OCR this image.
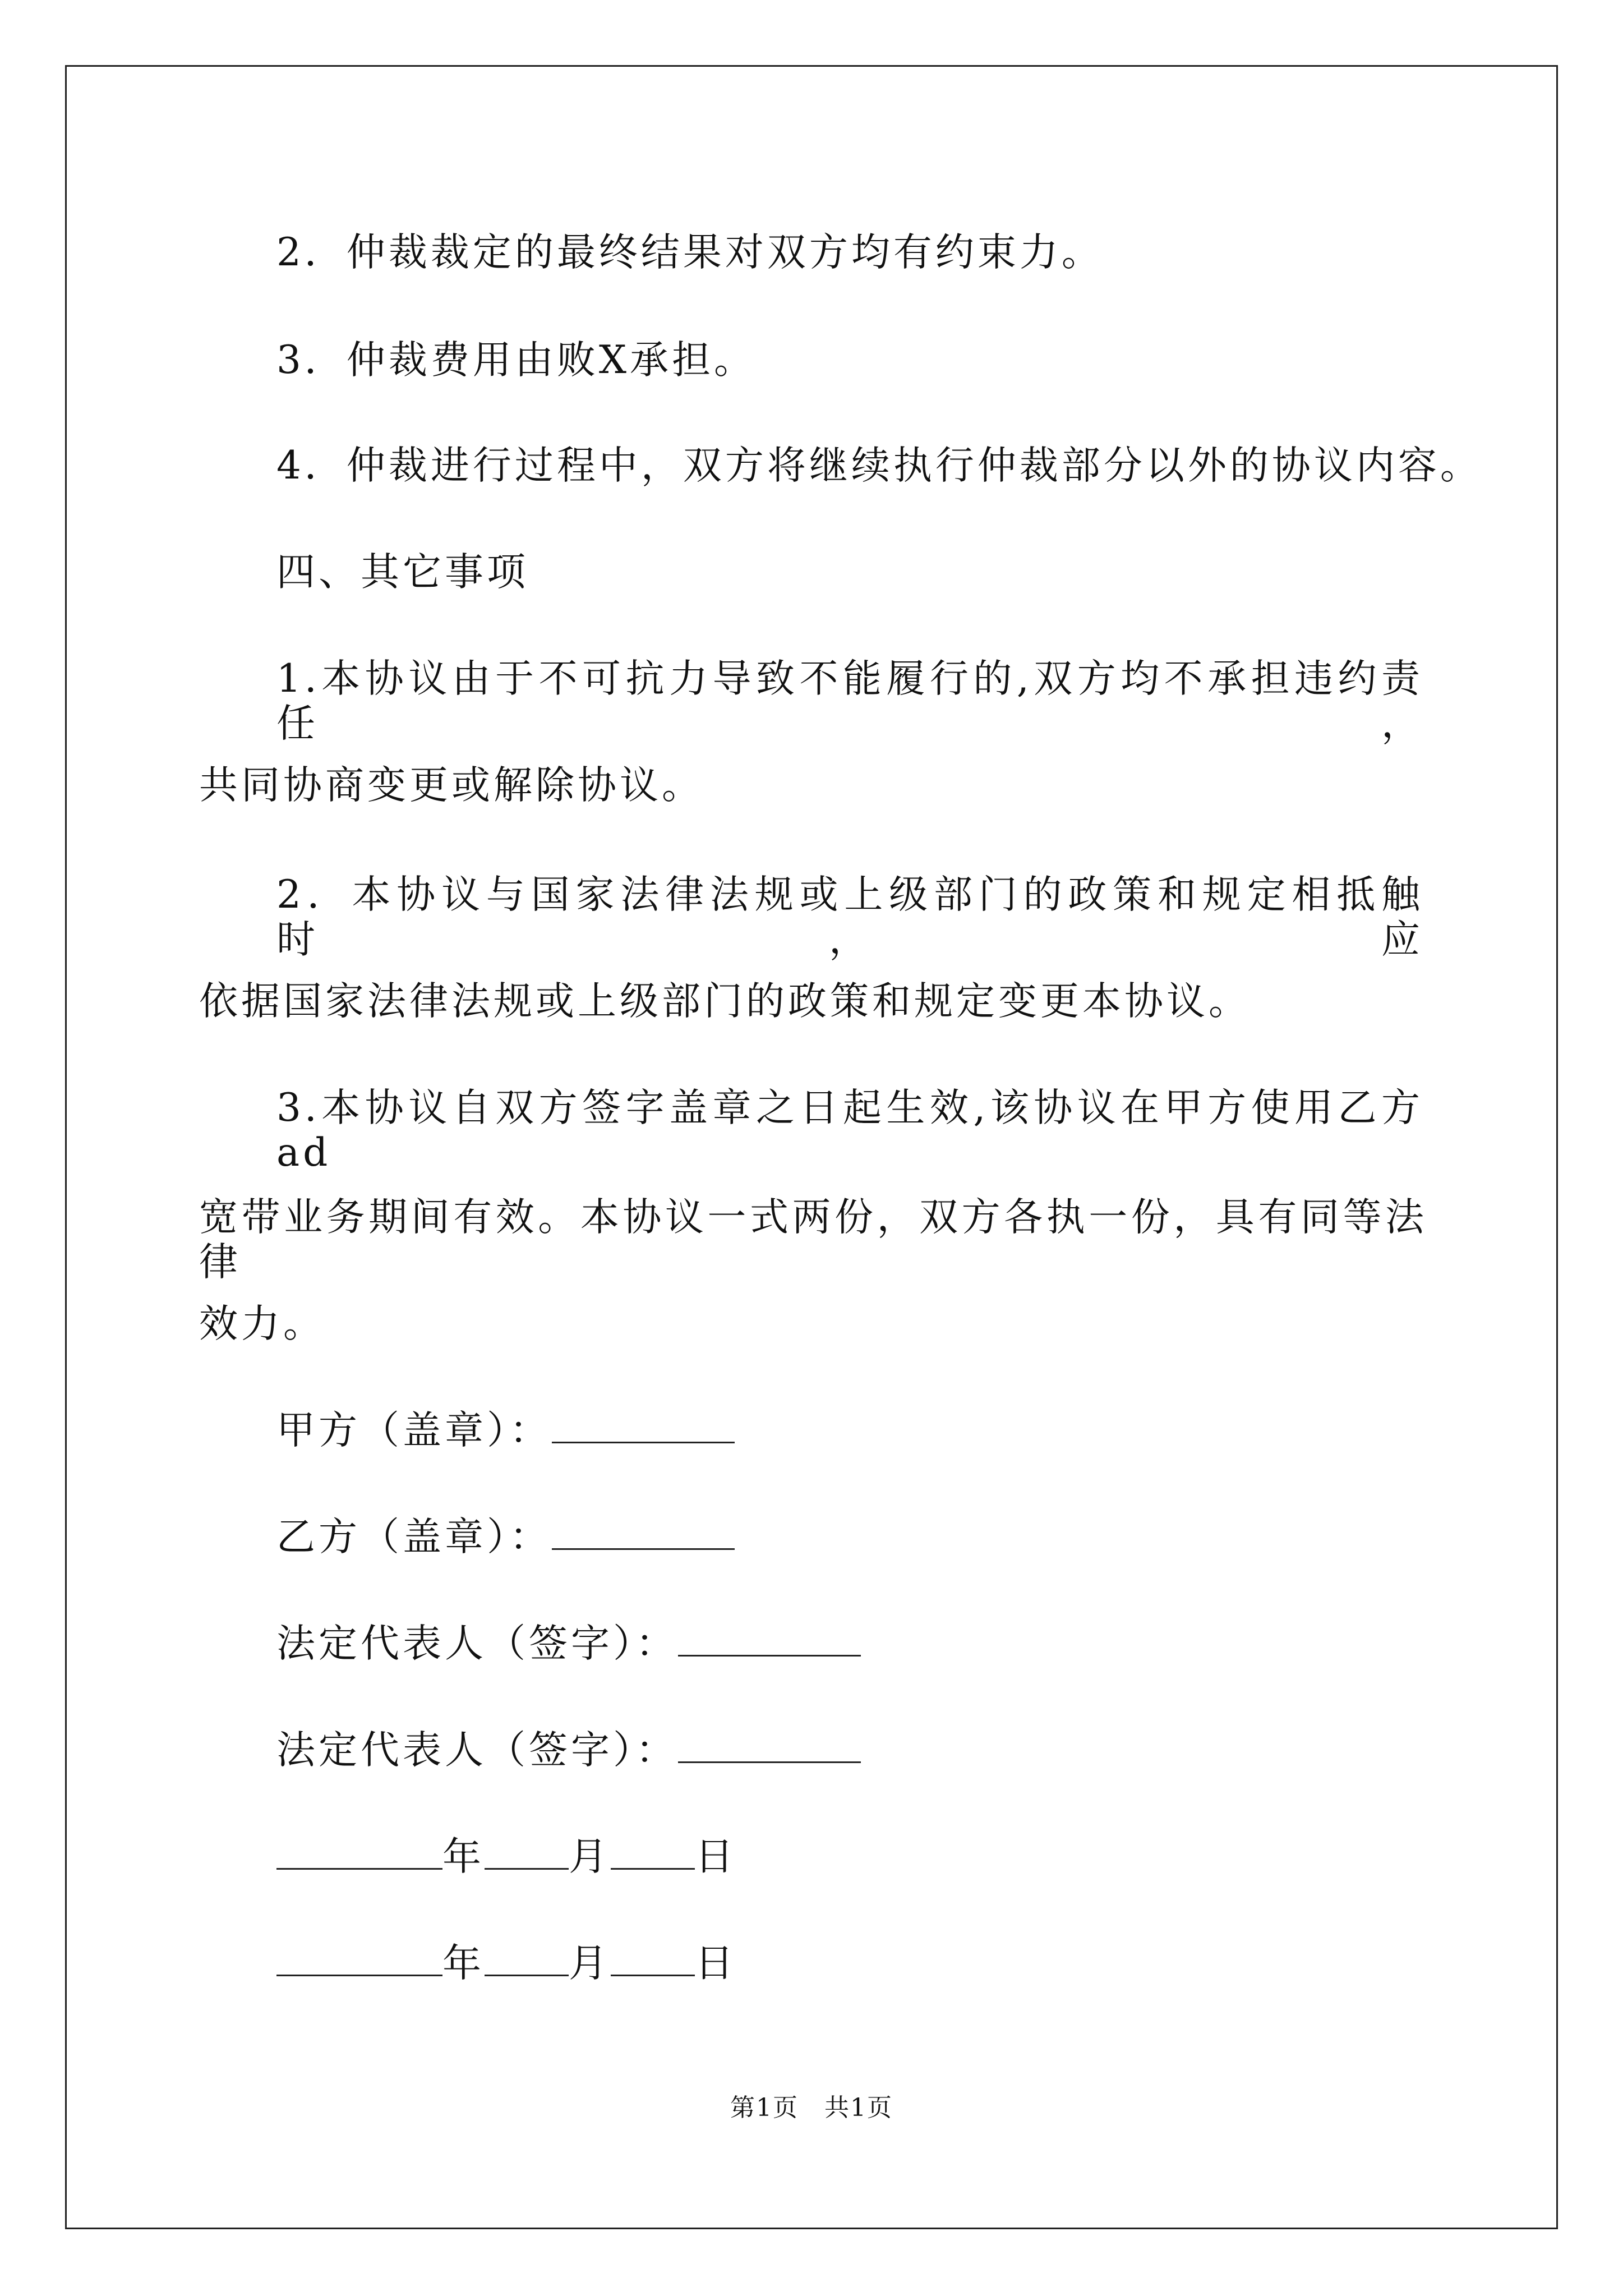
2．仲裁裁定的最终结果对双方均有约束力。
3．仲裁费用由败X承担。
4．仲裁进行过程中，双方将继续执行仲裁部分以外的协议内容。
四、其它事项
1.本协议由于不可抗力导致不能履行的,双方均不承担违约责任，
共同协商变更或解除协议。
2．本协议与国家法律法规或上级部门的政策和规定相抵触时，应
依据国家法律法规或上级部门的政策和规定变更本协议。
3.本协议自双方签字盖章之日起生效,该协议在甲方使用乙方ad
宽带业务期间有效。本协议一式两份，双方各执一份，具有同等法律
效力。
甲方（盖章）：
乙方（盖章）：
法定代表人（签字）：
法定代表人（签字）：
年 月 日
年 月 日
第1页 共1页
